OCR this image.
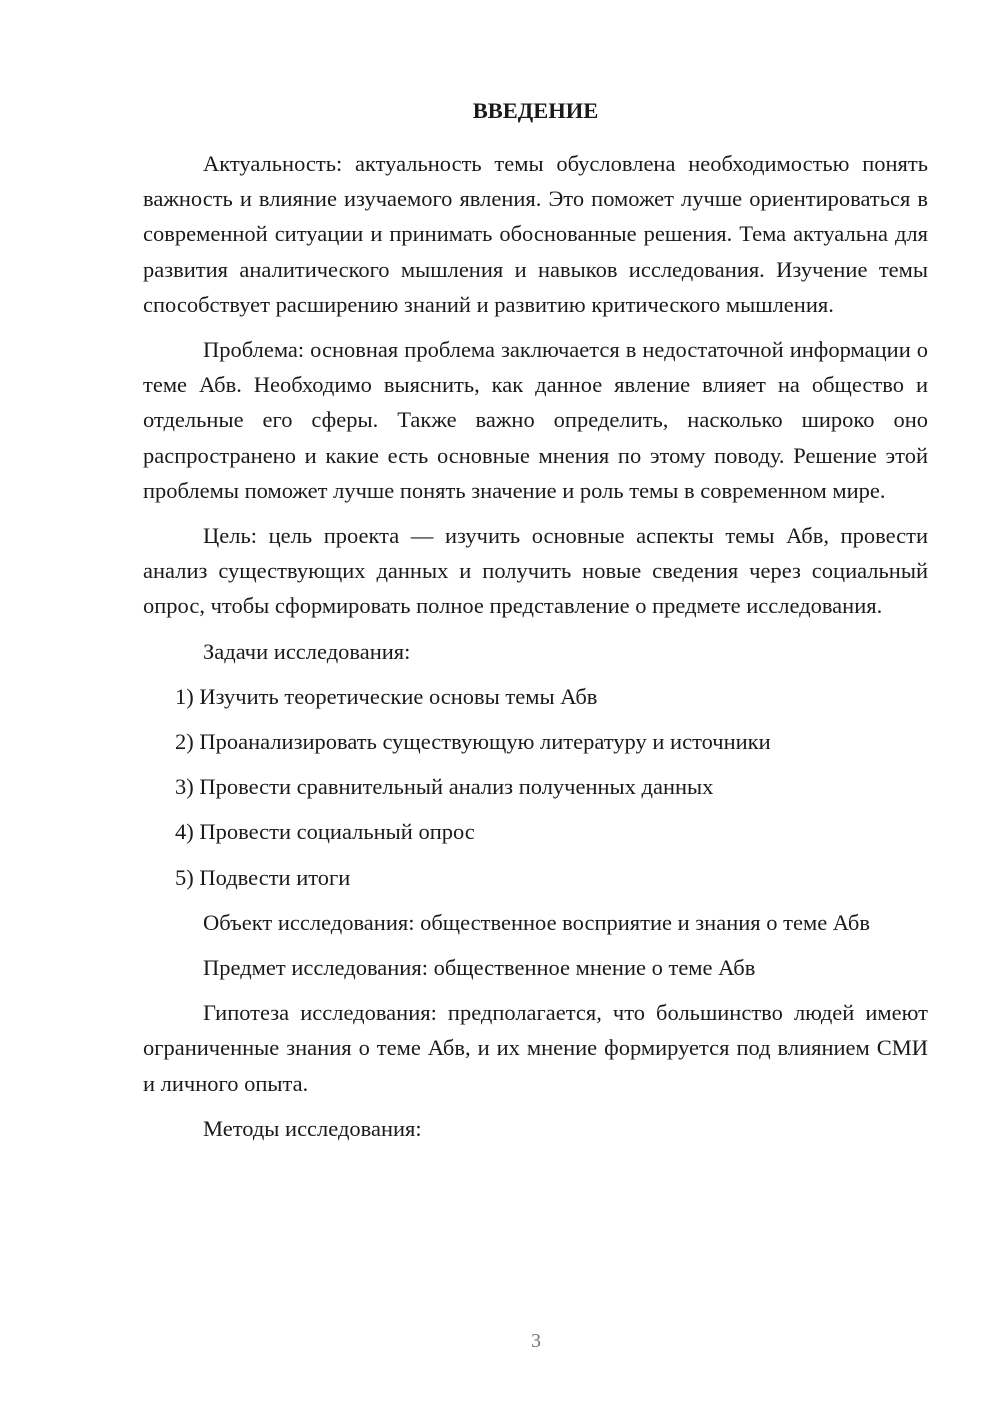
ВВЕДЕНИЕ

Актуальность: актуальность темы обусловлена необходимостью понять важность и влияние изучаемого явления. Это поможет лучше ориентироваться в современной ситуации и принимать обоснованные решения. Тема актуальна для развития аналитического мышления и навыков исследования. Изучение темы способствует расширению знаний и развитию критического мышления.

Проблема: основная проблема заключается в недостаточной информации о теме Абв. Необходимо выяснить, как данное явление влияет на общество и отдельные его сферы. Также важно определить, насколько широко оно распространено и какие есть основные мнения по этому поводу. Решение этой проблемы поможет лучше понять значение и роль темы в современном мире.

Цель: цель проекта — изучить основные аспекты темы Абв, провести анализ существующих данных и получить новые сведения через социальный опрос, чтобы сформировать полное представление о предмете исследования.

Задачи исследования:

1) Изучить теоретические основы темы Абв
2) Проанализировать существующую литературу и источники
3) Провести сравнительный анализ полученных данных
4) Провести социальный опрос
5) Подвести итоги

Объект исследования: общественное восприятие и знания о теме Абв

Предмет исследования: общественное мнение о теме Абв

Гипотеза исследования: предполагается, что большинство людей имеют ограниченные знания о теме Абв, и их мнение формируется под влиянием СМИ и личного опыта.

Методы исследования:

3
